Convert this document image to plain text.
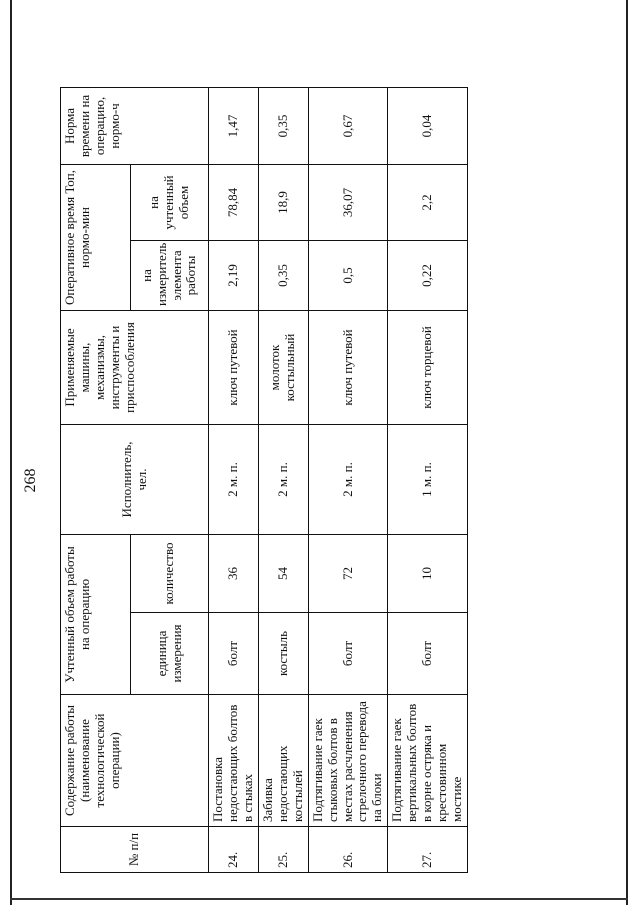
268
№ п/п	Содержание работы (наименование технологической операции)	Учтенный объем работы на операцию		Исполнитель, чел.	Применяемые машины, механизмы, инструменты и приспособления	Оперативное время Топ, нормо-мин		Норма времени на операцию, нормо-ч
		единица измерения	количество			на измеритель элемента работы	на учтенный объем	
24.	Постановка недостающих болтов в стыках	болт	36	2 м. п.	ключ путевой	2,19	78,84	1,47
25.	Забивка недостающих костылей	костыль	54	2 м. п.	молоток костыльный	0,35	18,9	0,35
26.	Подтягивание гаек стыковых болтов в местах расчленения стрелочного перевода на блоки	болт	72	2 м. п.	ключ путевой	0,5	36,07	0,67
27.	Подтягивание гаек вертикальных болтов в корне остряка и крестовинном мостике	болт	10	1 м. п.	ключ торцевой	0,22	2,2	0,04
